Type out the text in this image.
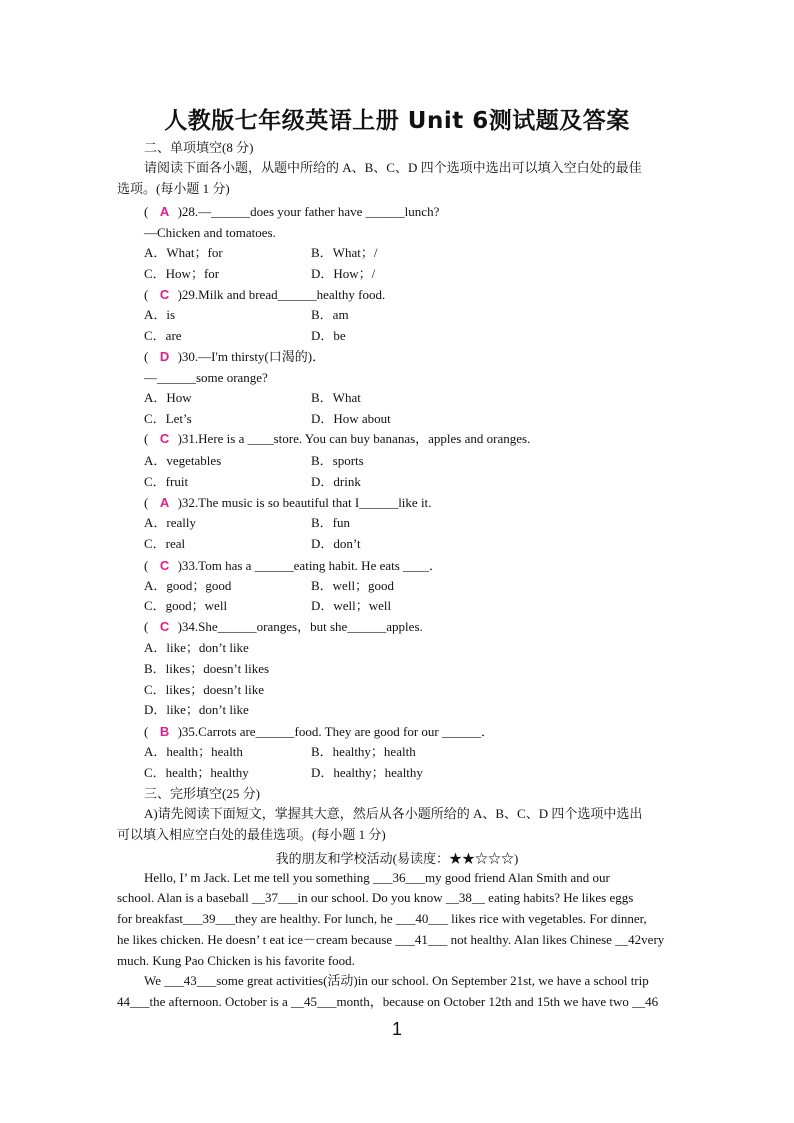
人教版七年级英语上册 Unit 6测试题及答案
二、单项填空(8 分)
请阅读下面各小题，从题中所给的 A、B、C、D 四个选项中选出可以填入空白处的最佳
选项。(每小题 1 分)
( A )28.—______does your father have ______lunch?
—Chicken and tomatoes.
A．What；for	B．What；/
C．How；for	D．How；/
( C )29.Milk and bread______healthy food.
A．is	B．am
C．are	D．be
( D )30.—I'm thirsty(口渴的)．
—______some orange?
A．How	B．What
C．Let’s	D．How about
( C )31.Here is a ____store. You can buy bananas，apples and oranges.
A．vegetables	B．sports
C．fruit	D．drink
( A )32.The music is so beautiful that I______like it.
A．really	B．fun
C．real	D．don’t
( C )33.Tom has a ______eating habit. He eats ____．
A．good；good	B．well；good
C．good；well	D．well；well
( C )34.She______oranges，but she______apples.
A．like；don’t like
B．likes；doesn’t likes
C．likes；doesn’t like
D．like；don’t like
( B )35.Carrots are______food. They are good for our ______．
A．health；health	B．healthy；health
C．health；healthy	D．healthy；healthy
三、完形填空(25 分)
A)请先阅读下面短文，掌握其大意，然后从各小题所给的 A、B、C、D 四个选项中选出
可以填入相应空白处的最佳选项。(每小题 1 分)
我的朋友和学校活动(易读度：★★☆☆☆)
Hello, I’ m Jack. Let me tell you something ___36___my good friend Alan Smith and our
school. Alan is a baseball __37___in our school. Do you know __38__ eating habits? He likes eggs
for breakfast___39___they are healthy. For lunch, he ___40___ likes rice with vegetables. For dinner,
he likes chicken. He doesn’ t eat ice－cream because ___41___ not healthy. Alan likes Chinese __42very
much. Kung Pao Chicken is his favorite food.
We ___43___some great activities(活动)in our school. On September 21st, we have a school trip
44___the afternoon. October is a __45___month，because on October 12th and 15th we have two __46
1
